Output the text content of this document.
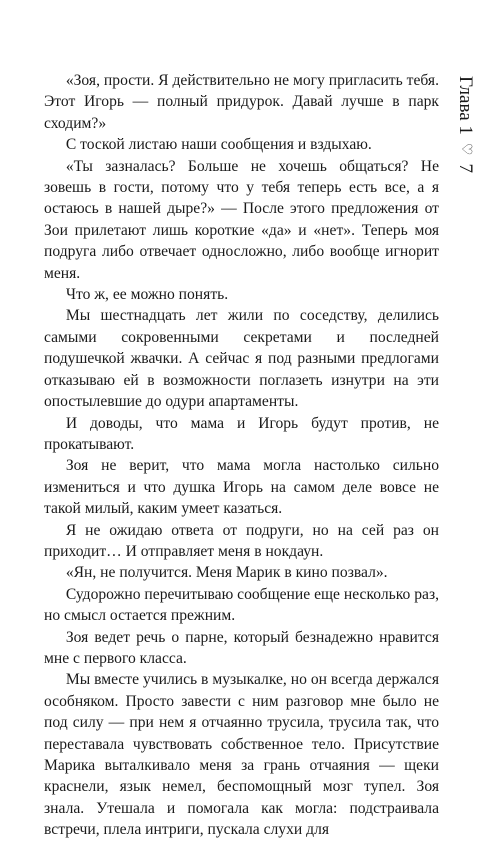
«Зоя, прости. Я действительно не могу пригласить тебя. Этот Игорь — полный придурок. Давай лучше в парк сходим?»

С тоской листаю наши сообщения и вздыхаю.

«Ты зазналась? Больше не хочешь общаться? Не зовешь в гости, потому что у тебя теперь есть все, а я остаюсь в нашей дыре?» — После этого предложения от Зои прилетают лишь короткие «да» и «нет». Теперь моя подруга либо отвечает односложно, либо вообще игнорит меня.

Что ж, ее можно понять.

Мы шестнадцать лет жили по соседству, делились самыми сокровенными секретами и последней подушечкой жвачки. А сейчас я под разными предлогами отказываю ей в возможности поглазеть изнутри на эти опостылевшие до одури апартаменты.

И доводы, что мама и Игорь будут против, не прокатывают.

Зоя не верит, что мама могла настолько сильно измениться и что душка Игорь на самом деле вовсе не такой милый, каким умеет казаться.

Я не ожидаю ответа от подруги, но на сей раз он приходит… И отправляет меня в нокдаун.

«Ян, не получится. Меня Марик в кино позвал».

Судорожно перечитываю сообщение еще несколько раз, но смысл остается прежним.

Зоя ведет речь о парне, который безнадежно нравится мне с первого класса.

Мы вместе учились в музыкалке, но он всегда держался особняком. Просто завести с ним разговор мне было не под силу — при нем я отчаянно трусила, трусила так, что переставала чувствовать собственное тело. Присутствие Марика выталкивало меня за грань отчаяния — щеки краснели, язык немел, беспомощный мозг тупел. Зоя знала. Утешала и помогала как могла: подстраивала встречи, плела интриги, пускала слухи для

Глава 1
♡
7
